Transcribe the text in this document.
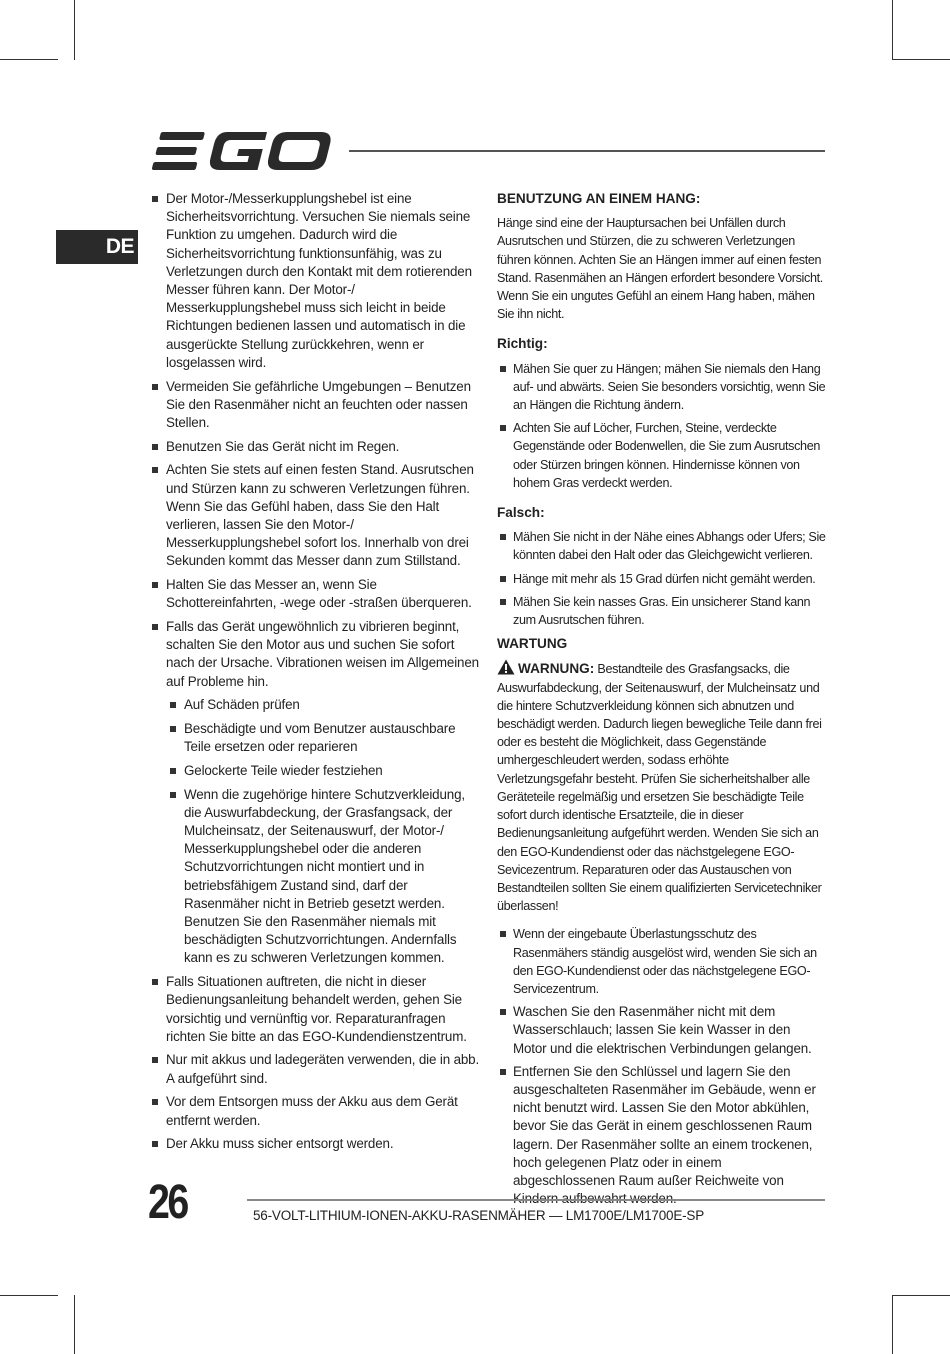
DE
Der Motor-/Messerkupplungshebel ist eine Sicherheitsvorrichtung. Versuchen Sie niemals seine Funktion zu umgehen. Dadurch wird die Sicherheitsvorrichtung funktionsunfähig, was zu Verletzungen durch den Kontakt mit dem rotierenden Messer führen kann. Der Motor-/ Messerkupplungshebel muss sich leicht in beide Richtungen bedienen lassen und automatisch in die ausgerückte Stellung zurückkehren, wenn er losgelassen wird.
Vermeiden Sie gefährliche Umgebungen – Benutzen Sie den Rasenmäher nicht an feuchten oder nassen Stellen.
Benutzen Sie das Gerät nicht im Regen.
Achten Sie stets auf einen festen Stand. Ausrutschen und Stürzen kann zu schweren Verletzungen führen. Wenn Sie das Gefühl haben, dass Sie den Halt verlieren, lassen Sie den Motor-/ Messerkupplungshebel sofort los. Innerhalb von drei Sekunden kommt das Messer dann zum Stillstand.
Halten Sie das Messer an, wenn Sie Schottereinfahrten, -wege oder -straßen überqueren.
Falls das Gerät ungewöhnlich zu vibrieren beginnt, schalten Sie den Motor aus und suchen Sie sofort nach der Ursache. Vibrationen weisen im Allgemeinen auf Probleme hin.
Auf Schäden prüfen
Beschädigte und vom Benutzer austauschbare Teile ersetzen oder reparieren
Gelockerte Teile wieder festziehen
Wenn die zugehörige hintere Schutzverkleidung, die Auswurfabdeckung, der Grasfangsack, der Mulcheinsatz, der Seitenauswurf, der Motor-/ Messerkupplungshebel oder die anderen Schutzvorrichtungen nicht montiert und in betriebsfähigem Zustand sind, darf der Rasenmäher nicht in Betrieb gesetzt werden. Benutzen Sie den Rasenmäher niemals mit beschädigten Schutzvorrichtungen. Andernfalls kann es zu schweren Verletzungen kommen.
Falls Situationen auftreten, die nicht in dieser Bedienungsanleitung behandelt werden, gehen Sie vorsichtig und vernünftig vor. Reparaturanfragen richten Sie bitte an das EGO-Kundendienstzentrum.
Nur mit akkus und ladegeräten verwenden, die in abb. A aufgeführt sind.
Vor dem Entsorgen muss der Akku aus dem Gerät entfernt werden.
Der Akku muss sicher entsorgt werden.
BENUTZUNG AN EINEM HANG:

Hänge sind eine der Hauptursachen bei Unfällen durch Ausrutschen und Stürzen, die zu schweren Verletzungen führen können. Achten Sie an Hängen immer auf einen festen Stand. Rasenmähen an Hängen erfordert besondere Vorsicht. Wenn Sie ein ungutes Gefühl an einem Hang haben, mähen Sie ihn nicht.

Richtig:
Mähen Sie quer zu Hängen; mähen Sie niemals den Hang auf- und abwärts. Seien Sie besonders vorsichtig, wenn Sie an Hängen die Richtung ändern.
Achten Sie auf Löcher, Furchen, Steine, verdeckte Gegenstände oder Bodenwellen, die Sie zum Ausrutschen oder Stürzen bringen können. Hindernisse können von hohem Gras verdeckt werden.
Falsch:
Mähen Sie nicht in der Nähe eines Abhangs oder Ufers; Sie könnten dabei den Halt oder das Gleichgewicht verlieren.
Hänge mit mehr als 15 Grad dürfen nicht gemäht werden.
Mähen Sie kein nasses Gras. Ein unsicherer Stand kann zum Ausrutschen führen.
WARTUNG

WARNUNG: Bestandteile des Grasfangsacks, die Auswurfabdeckung, der Seitenauswurf, der Mulcheinsatz und die hintere Schutzverkleidung können sich abnutzen und beschädigt werden. Dadurch liegen bewegliche Teile dann frei oder es besteht die Möglichkeit, dass Gegenstände umhergeschleudert werden, sodass erhöhte Verletzungsgefahr besteht. Prüfen Sie sicherheitshalber alle Geräteteile regelmäßig und ersetzen Sie beschädigte Teile sofort durch identische Ersatzteile, die in dieser Bedienungsanleitung aufgeführt werden. Wenden Sie sich an den EGO-Kundendienst oder das nächstgelegene EGO-Sevicezentrum. Reparaturen oder das Austauschen von Bestandteilen sollten Sie einem qualifizierten Servicetechniker überlassen!

Wenn der eingebaute Überlastungsschutz des Rasenmähers ständig ausgelöst wird, wenden Sie sich an den EGO-Kundendienst oder das nächstgelegene EGO-Servicezentrum.
Waschen Sie den Rasenmäher nicht mit dem Wasserschlauch; lassen Sie kein Wasser in den Motor und die elektrischen Verbindungen gelangen.
Entfernen Sie den Schlüssel und lagern Sie den ausgeschalteten Rasenmäher im Gebäude, wenn er nicht benutzt wird. Lassen Sie den Motor abkühlen, bevor Sie das Gerät in einem geschlossenen Raum lagern. Der Rasenmäher sollte an einem trockenen, hoch gelegenen Platz oder in einem abgeschlossenen Raum außer Reichweite von
26	56-VOLT-LITHIUM-IONEN-AKKU-RASENMÄHER — LM1700E/LM1700E-SP
